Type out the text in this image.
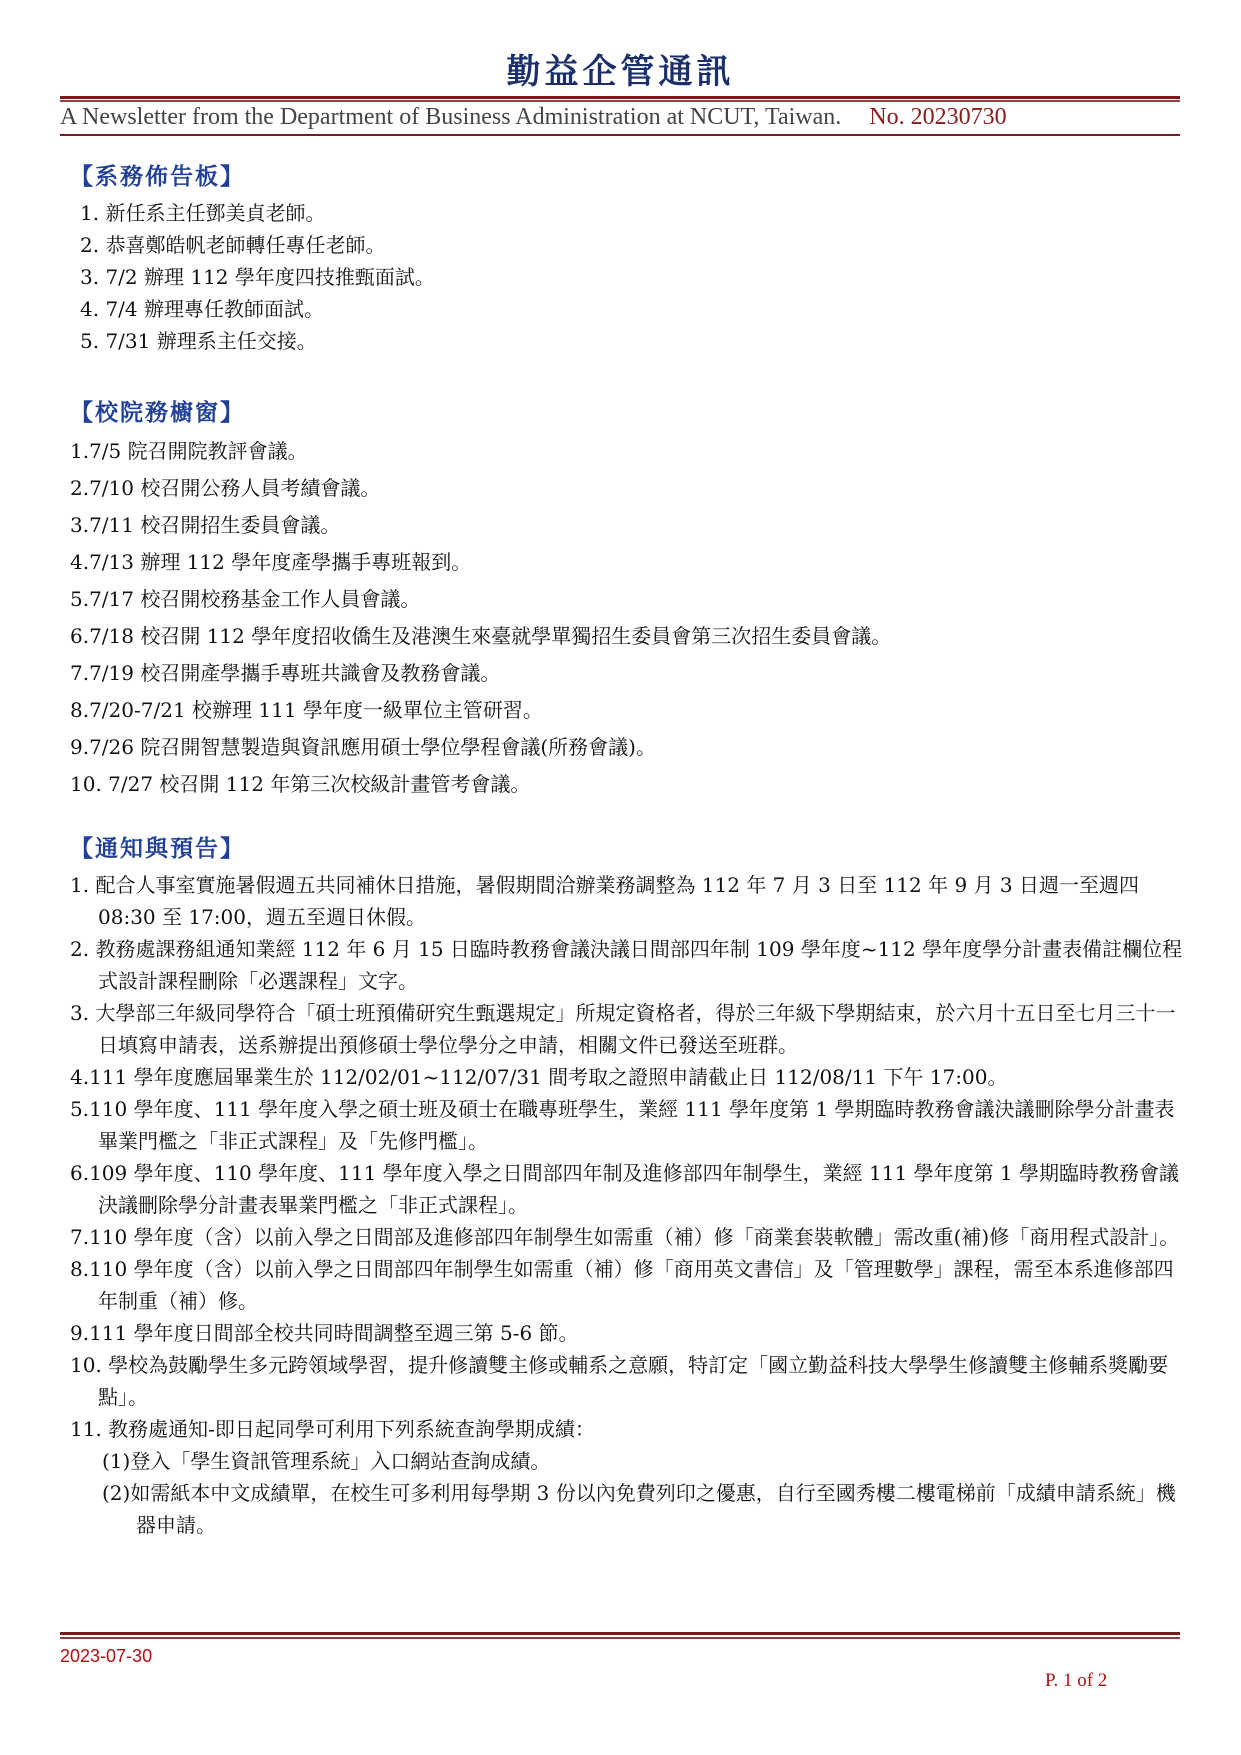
勤益企管通訊
A Newsletter from the Department of Business Administration at NCUT, Taiwan. No. 20230730
【系務佈告板】
1. 新任系主任鄧美貞老師。
2. 恭喜鄭皓帆老師轉任專任老師。
3. 7/2 辦理 112 學年度四技推甄面試。
4. 7/4 辦理專任教師面試。
5. 7/31 辦理系主任交接。
【校院務櫥窗】
1.7/5 院召開院教評會議。
2.7/10 校召開公務人員考績會議。
3.7/11 校召開招生委員會議。
4.7/13 辦理 112 學年度產學攜手專班報到。
5.7/17 校召開校務基金工作人員會議。
6.7/18 校召開 112 學年度招收僑生及港澳生來臺就學單獨招生委員會第三次招生委員會議。
7.7/19 校召開產學攜手專班共識會及教務會議。
8.7/20-7/21 校辦理 111 學年度一級單位主管研習。
9.7/26 院召開智慧製造與資訊應用碩士學位學程會議(所務會議)。
10. 7/27 校召開 112 年第三次校級計畫管考會議。
【通知與預告】
1. 配合人事室實施暑假週五共同補休日措施，暑假期間洽辦業務調整為 112 年 7 月 3 日至 112 年 9 月 3 日週一至週四 08:30 至 17:00，週五至週日休假。
2. 教務處課務組通知業經 112 年 6 月 15 日臨時教務會議決議日間部四年制 109 學年度~112 學年度學分計畫表備註欄位程式設計課程刪除「必選課程」文字。
3. 大學部三年級同學符合「碩士班預備研究生甄選規定」所規定資格者，得於三年級下學期結束，於六月十五日至七月三十一日填寫申請表，送系辦提出預修碩士學位學分之申請，相關文件已發送至班群。
4.111 學年度應屆畢業生於 112/02/01~112/07/31 間考取之證照申請截止日 112/08/11 下午 17:00。
5.110 學年度、111 學年度入學之碩士班及碩士在職專班學生，業經 111 學年度第 1 學期臨時教務會議決議刪除學分計畫表畢業門檻之「非正式課程」及「先修門檻」。
6.109 學年度、110 學年度、111 學年度入學之日間部四年制及進修部四年制學生，業經 111 學年度第 1 學期臨時教務會議決議刪除學分計畫表畢業門檻之「非正式課程」。
7.110 學年度（含）以前入學之日間部及進修部四年制學生如需重（補）修「商業套裝軟體」需改重(補)修「商用程式設計」。
8.110 學年度（含）以前入學之日間部四年制學生如需重（補）修「商用英文書信」及「管理數學」課程，需至本系進修部四年制重（補）修。
9.111 學年度日間部全校共同時間調整至週三第 5-6 節。
10. 學校為鼓勵學生多元跨領域學習，提升修讀雙主修或輔系之意願，特訂定「國立勤益科技大學學生修讀雙主修輔系獎勵要點」。
11. 教務處通知-即日起同學可利用下列系統查詢學期成績：
(1)登入「學生資訊管理系統」入口網站查詢成績。
(2)如需紙本中文成績單，在校生可多利用每學期 3 份以內免費列印之優惠，自行至國秀樓二樓電梯前「成績申請系統」機器申請。
2023-07-30
P. 1 of 2
